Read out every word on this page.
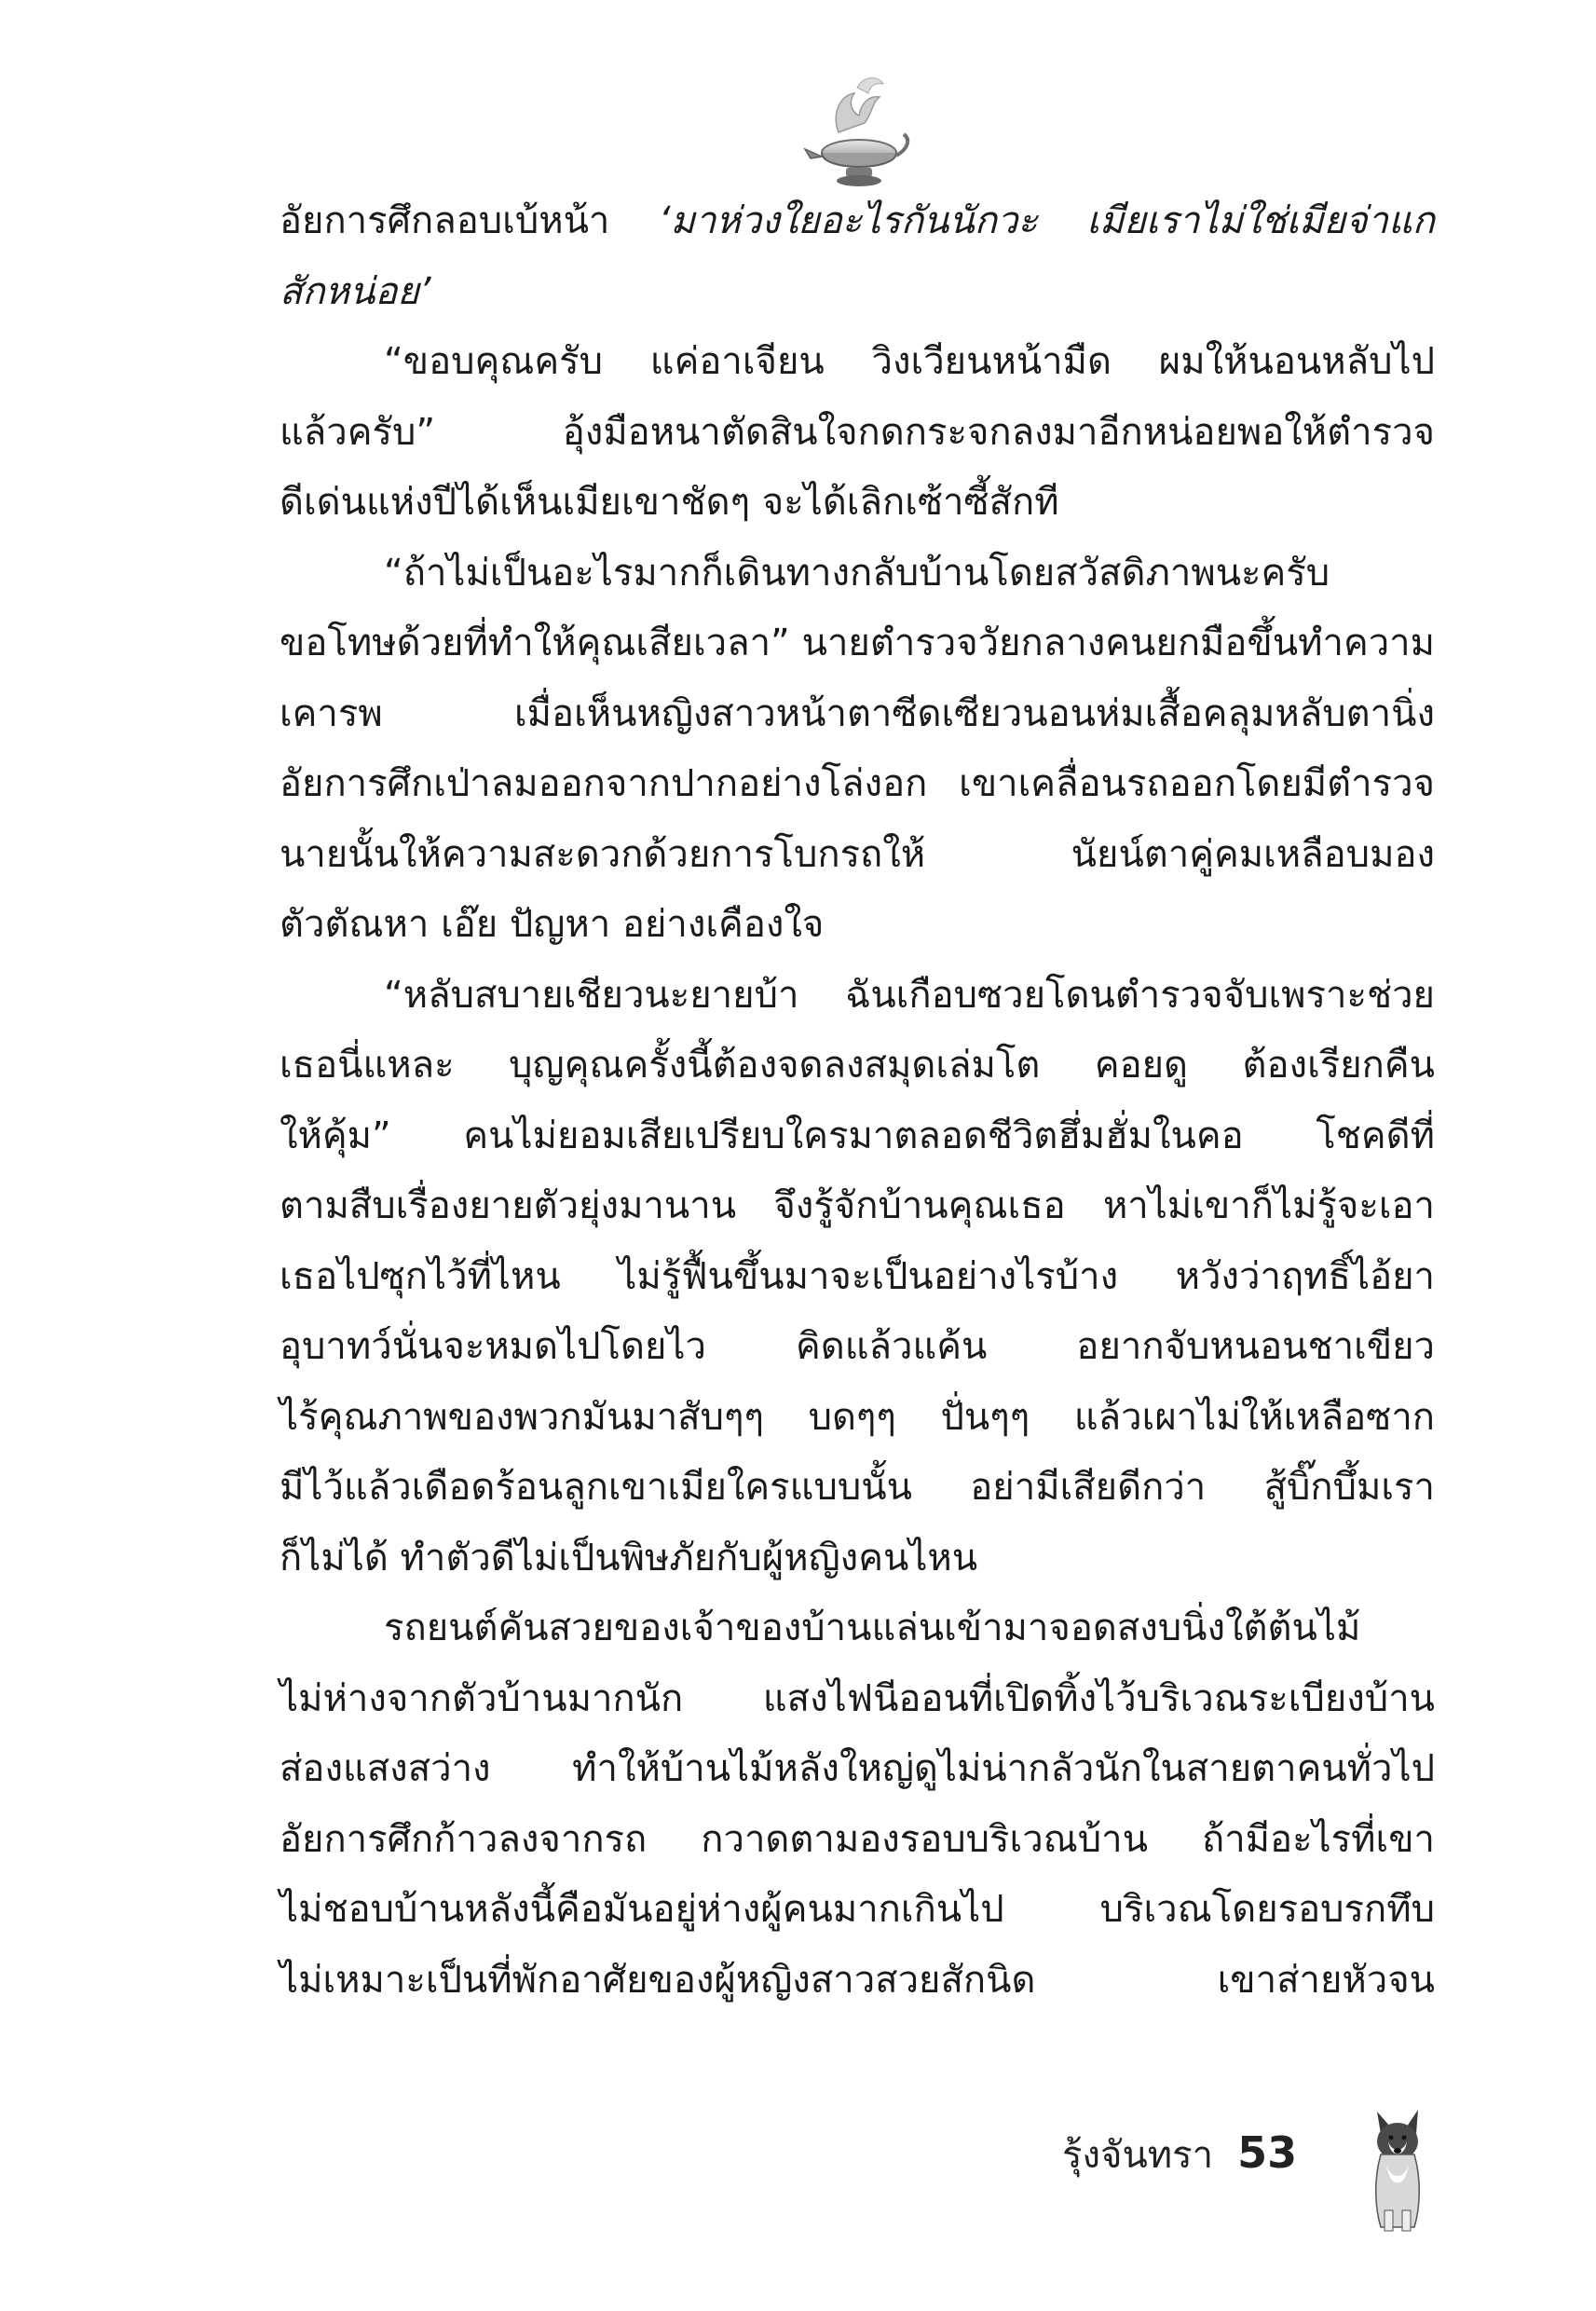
อัยการศึกลอบเบ้หน้า ‘มาห่วงใยอะไรกันนักวะ เมียเราไม่ใช่เมียจ่าแก
สักหน่อย’
“ขอบคุณครับ แค่อาเจียน วิงเวียนหน้ามืด ผมให้นอนหลับไป
แล้วครับ” อุ้งมือหนาตัดสินใจกดกระจกลงมาอีกหน่อยพอให้ตำรวจ
ดีเด่นแห่งปีได้เห็นเมียเขาชัดๆ จะได้เลิกเซ้าซี้สักที
“ถ้าไม่เป็นอะไรมากก็เดินทางกลับบ้านโดยสวัสดิภาพนะครับ
ขอโทษด้วยที่ทำให้คุณเสียเวลา” นายตำรวจวัยกลางคนยกมือขึ้นทำความ
เคารพ เมื่อเห็นหญิงสาวหน้าตาซีดเซียวนอนห่มเสื้อคลุมหลับตานิ่ง
อัยการศึกเป่าลมออกจากปากอย่างโล่งอก เขาเคลื่อนรถออกโดยมีตำรวจ
นายนั้นให้ความสะดวกด้วยการโบกรถให้ นัยน์ตาคู่คมเหลือบมอง
ตัวตัณหา เอ๊ย ปัญหา อย่างเคืองใจ
“หลับสบายเชียวนะยายบ้า ฉันเกือบซวยโดนตำรวจจับเพราะช่วย
เธอนี่แหละ บุญคุณครั้งนี้ต้องจดลงสมุดเล่มโต คอยดู ต้องเรียกคืน
ให้คุ้ม” คนไม่ยอมเสียเปรียบใครมาตลอดชีวิตฮึ่มฮั่มในคอ โชคดีที่
ตามสืบเรื่องยายตัวยุ่งมานาน จึงรู้จักบ้านคุณเธอ หาไม่เขาก็ไม่รู้จะเอา
เธอไปซุกไว้ที่ไหน ไม่รู้ฟื้นขึ้นมาจะเป็นอย่างไรบ้าง หวังว่าฤทธิ์ไอ้ยา
อุบาทว์นั่นจะหมดไปโดยไว คิดแล้วแค้น อยากจับหนอนชาเขียว
ไร้คุณภาพของพวกมันมาสับๆๆ บดๆๆ ปั่นๆๆ แล้วเผาไม่ให้เหลือซาก
มีไว้แล้วเดือดร้อนลูกเขาเมียใครแบบนั้น อย่ามีเสียดีกว่า สู้บิ๊กบึ้มเรา
ก็ไม่ได้ ทำตัวดีไม่เป็นพิษภัยกับผู้หญิงคนไหน
รถยนต์คันสวยของเจ้าของบ้านแล่นเข้ามาจอดสงบนิ่งใต้ต้นไม้
ไม่ห่างจากตัวบ้านมากนัก แสงไฟนีออนที่เปิดทิ้งไว้บริเวณระเบียงบ้าน
ส่องแสงสว่าง ทำให้บ้านไม้หลังใหญ่ดูไม่น่ากลัวนักในสายตาคนทั่วไป
อัยการศึกก้าวลงจากรถ กวาดตามองรอบบริเวณบ้าน ถ้ามีอะไรที่เขา
ไม่ชอบบ้านหลังนี้คือมันอยู่ห่างผู้คนมากเกินไป บริเวณโดยรอบรกทึบ
ไม่เหมาะเป็นที่พักอาศัยของผู้หญิงสาวสวยสักนิด เขาส่ายหัวจน
รุ้งจันทรา 53
